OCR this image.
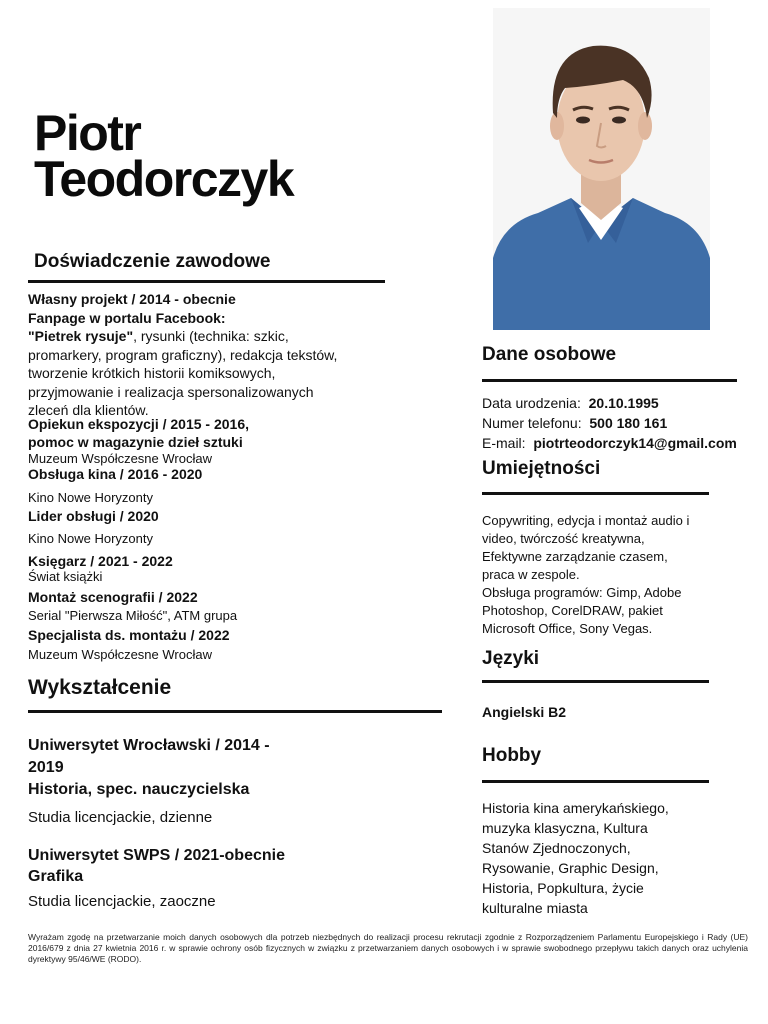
Piotr
Teodorczyk
Doświadczenie zawodowe
Własny projekt / 2014 - obecnie
Fanpage w portalu Facebook:
"Pietrek rysuje", rysunki (technika: szkic,
promarkery, program graficzny), redakcja tekstów,
tworzenie krótkich historii komiksowych,
przyjmowanie i realizacja spersonalizowanych
zleceń dla klientów.
Opiekun ekspozycji / 2015 - 2016,
pomoc w magazynie dzieł sztuki
Muzeum Współczesne Wrocław
Obsługa kina / 2016 - 2020
Kino Nowe Horyzonty
Lider obsługi / 2020
Kino Nowe Horyzonty
Księgarz / 2021 - 2022
Świat książki
Montaż scenografii / 2022
Serial "Pierwsza Miłość", ATM grupa
Specjalista ds. montażu / 2022
Muzeum Współczesne Wrocław
Wykształcenie
Uniwersytet Wrocławski / 2014 -
2019
Historia, spec. nauczycielska
Studia licencjackie, dzienne
Uniwersytet SWPS / 2021-obecnie
Grafika
Studia licencjackie, zaoczne
Dane osobowe
Data urodzenia: 20.10.1995
Numer telefonu: 500 180 161
E-mail: piotrteodorczyk14@gmail.com
Umiejętności
Copywriting, edycja i montaż audio i
video, twórczość kreatywna,
Efektywne zarządzanie czasem,
praca w zespole.
Obsługa programów: Gimp, Adobe
Photoshop, CorelDRAW, pakiet
Microsoft Office, Sony Vegas.
Języki
Angielski B2
Hobby
Historia kina amerykańskiego,
muzyka klasyczna, Kultura
Stanów Zjednoczonych,
Rysowanie, Graphic Design,
Historia, Popkultura, życie
kulturalne miasta
Wyrażam zgodę na przetwarzanie moich danych osobowych dla potrzeb niezbędnych do realizacji procesu rekrutacji zgodnie z Rozporządzeniem Parlamentu Europejskiego i Rady (UE) 2016/679 z dnia 27 kwietnia 2016 r. w sprawie ochrony osób fizycznych w związku z przetwarzaniem danych osobowych i w sprawie swobodnego przepływu takich danych oraz uchylenia dyrektywy 95/46/WE (RODO).
